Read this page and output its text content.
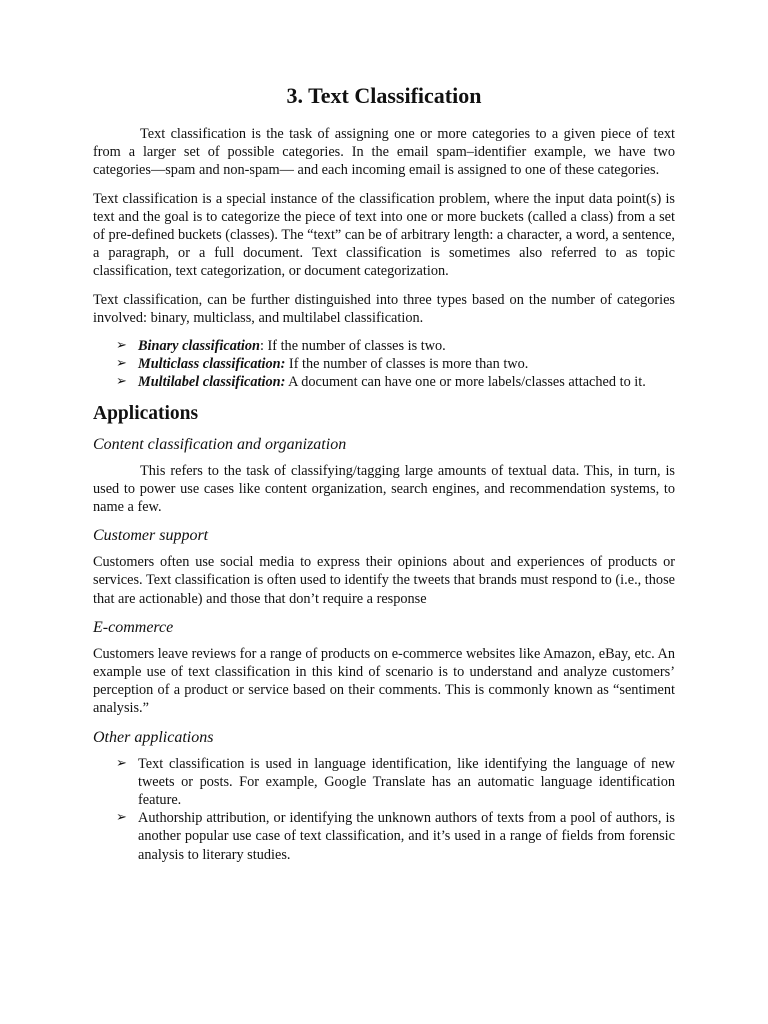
3. Text Classification

Text classification is the task of assigning one or more categories to a given piece of text from a larger set of possible categories. In the email spam–identifier example, we have two categories—spam and non-spam— and each incoming email is assigned to one of these categories.

Text classification is a special instance of the classification problem, where the input data point(s) is text and the goal is to categorize the piece of text into one or more buckets (called a class) from a set of pre-defined buckets (classes). The “text” can be of arbitrary length: a character, a word, a sentence, a paragraph, or a full document. Text classification is sometimes also referred to as topic classification, text categorization, or document categorization.

Text classification, can be further distinguished into three types based on the number of categories involved: binary, multiclass, and multilabel classification.

➢ Binary classification: If the number of classes is two.
➢ Multiclass classification: If the number of classes is more than two.
➢ Multilabel classification: A document can have one or more labels/classes attached to it.
Applications
Content classification and organization

This refers to the task of classifying/tagging large amounts of textual data. This, in turn, is used to power use cases like content organization, search engines, and recommendation systems, to name a few.

Customer support

Customers often use social media to express their opinions about and experiences of products or services. Text classification is often used to identify the tweets that brands must respond to (i.e., those that are actionable) and those that don’t require a response

E-commerce

Customers leave reviews for a range of products on e-commerce websites like Amazon, eBay, etc. An example use of text classification in this kind of scenario is to understand and analyze customers’ perception of a product or service based on their comments. This is commonly known as “sentiment analysis.”

Other applications
➢ Text classification is used in language identification, like identifying the language of new tweets or posts. For example, Google Translate has an automatic language identification feature.
➢ Authorship attribution, or identifying the unknown authors of texts from a pool of authors, is another popular use case of text classification, and it’s used in a range of fields from forensic analysis to literary studies.
